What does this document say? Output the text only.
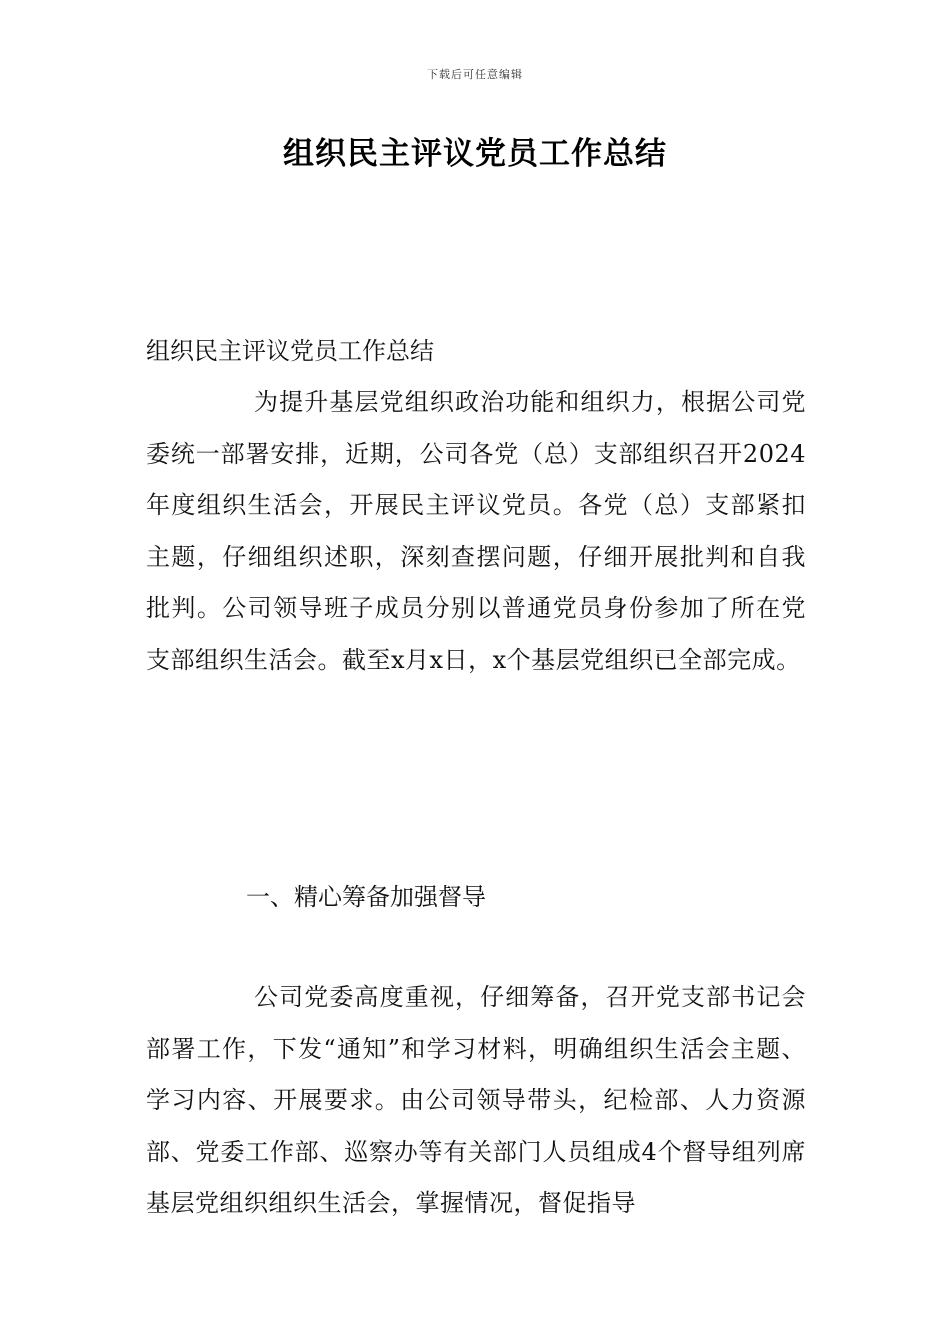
下载后可任意编辑
组织民主评议党员工作总结
组织民主评议党员工作总结
为提升基层党组织政治功能和组织力，根据公司党委统一部署安排，近期，公司各党（总）支部组织召开2024年度组织生活会，开展民主评议党员。各党（总）支部紧扣主题，仔细组织述职，深刻查摆问题，仔细开展批判和自我批判。公司领导班子成员分别以普通党员身份参加了所在党支部组织生活会。截至x月x日，x个基层党组织已全部完成。
一、精心筹备加强督导
公司党委高度重视，仔细筹备，召开党支部书记会部署工作，下发“通知”和学习材料，明确组织生活会主题、学习内容、开展要求。由公司领导带头，纪检部、人力资源部、党委工作部、巡察办等有关部门人员组成4个督导组列席基层党组织组织生活会，掌握情况，督促指导
